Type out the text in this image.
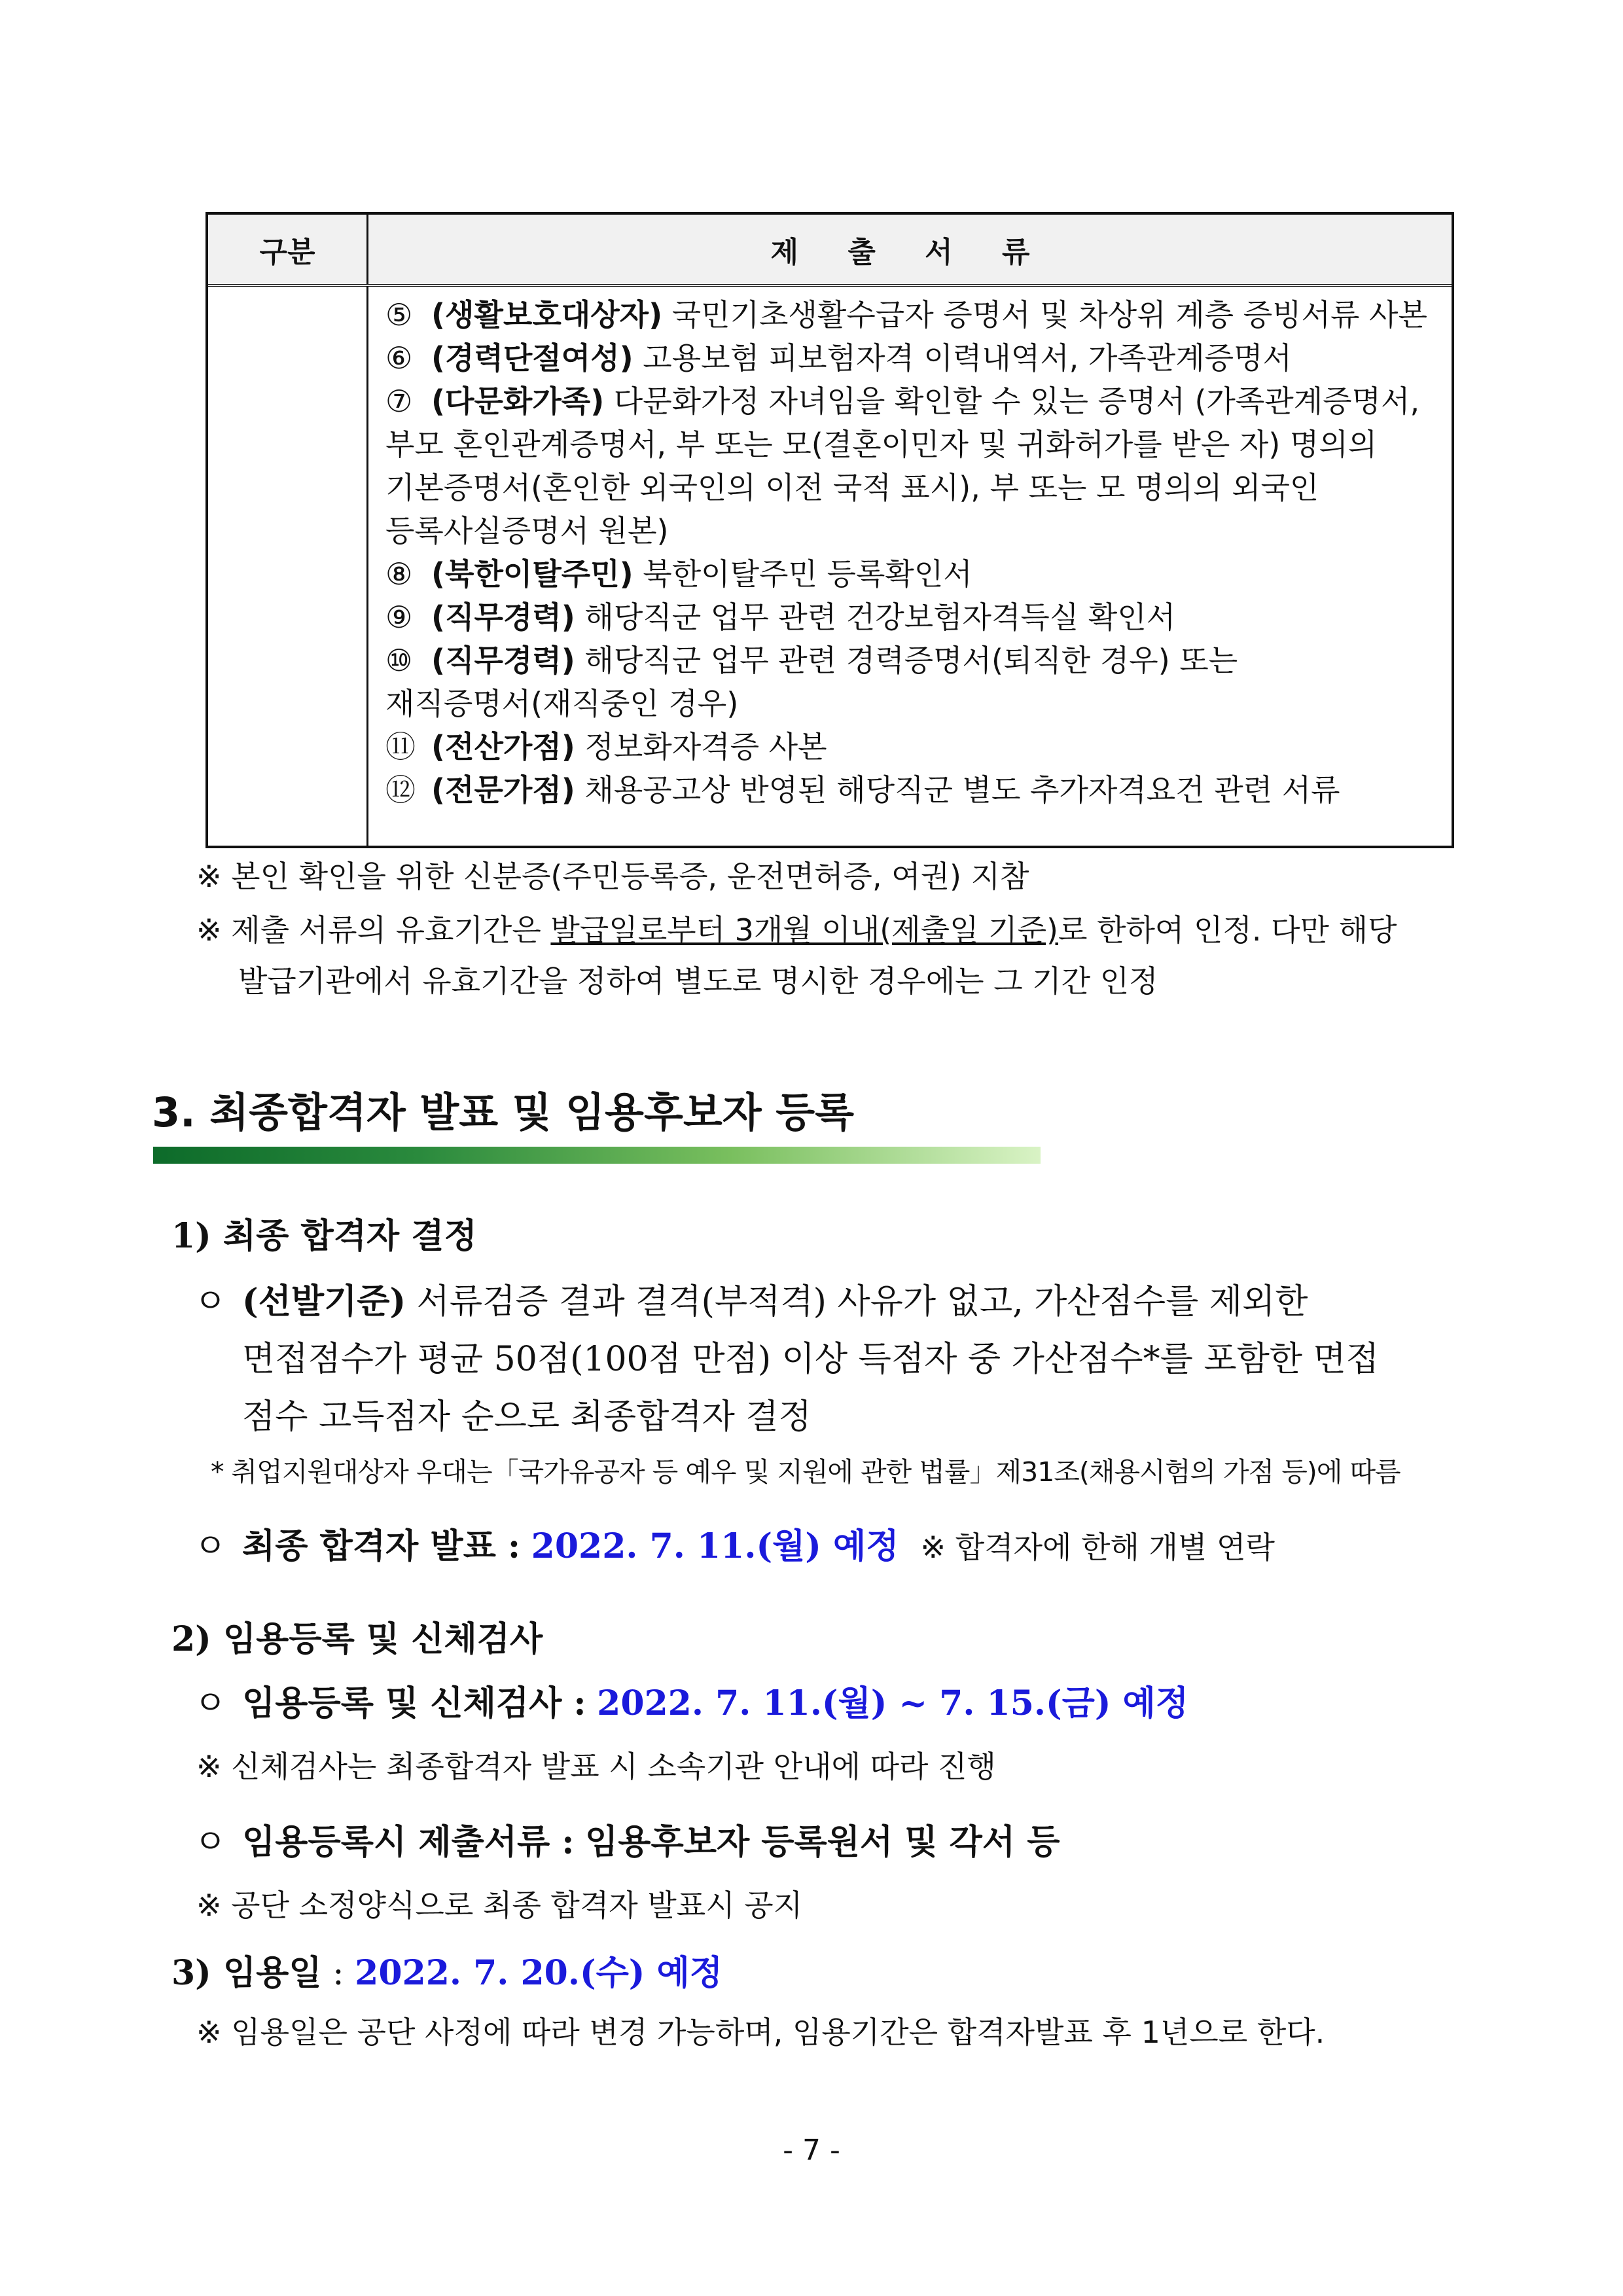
구분	제 출 서 류
⑤ (생활보호대상자) 국민기초생활수급자 증명서 및 차상위 계층 증빙서류 사본
⑥ (경력단절여성) 고용보험 피보험자격 이력내역서, 가족관계증명서
⑦ (다문화가족) 다문화가정 자녀임을 확인할 수 있는 증명서 (가족관계증명서,
부모 혼인관계증명서, 부 또는 모(결혼이민자 및 귀화허가를 받은 자) 명의의
기본증명서(혼인한 외국인의 이전 국적 표시), 부 또는 모 명의의 외국인
등록사실증명서 원본)
⑧ (북한이탈주민) 북한이탈주민 등록확인서
⑨ (직무경력) 해당직군 업무 관련 건강보험자격득실 확인서
⑩ (직무경력) 해당직군 업무 관련 경력증명서(퇴직한 경우) 또는
재직증명서(재직중인 경우)
⑪ (전산가점) 정보화자격증 사본
⑫ (전문가점) 채용공고상 반영된 해당직군 별도 추가자격요건 관련 서류
※ 본인 확인을 위한 신분증(주민등록증, 운전면허증, 여권) 지참
※ 제출 서류의 유효기간은 발급일로부터 3개월 이내(제출일 기준)로 한하여 인정. 다만 해당
발급기관에서 유효기간을 정하여 별도로 명시한 경우에는 그 기간 인정
3. 최종합격자 발표 및 임용후보자 등록
1) 최종 합격자 결정
ㅇ (선발기준) 서류검증 결과 결격(부적격) 사유가 없고, 가산점수를 제외한
면접점수가 평균 50점(100점 만점) 이상 득점자 중 가산점수*를 포함한 면접
점수 고득점자 순으로 최종합격자 결정
* 취업지원대상자 우대는「국가유공자 등 예우 및 지원에 관한 법률」제31조(채용시험의 가점 등)에 따름
ㅇ 최종 합격자 발표 : 2022. 7. 11.(월) 예정 ※ 합격자에 한해 개별 연락
2) 임용등록 및 신체검사
ㅇ 임용등록 및 신체검사 : 2022. 7. 11.(월) ~ 7. 15.(금) 예정
※ 신체검사는 최종합격자 발표 시 소속기관 안내에 따라 진행
ㅇ 임용등록시 제출서류 : 임용후보자 등록원서 및 각서 등
※ 공단 소정양식으로 최종 합격자 발표시 공지
3) 임용일 : 2022. 7. 20.(수) 예정
※ 임용일은 공단 사정에 따라 변경 가능하며, 임용기간은 합격자발표 후 1년으로 한다.
- 7 -
